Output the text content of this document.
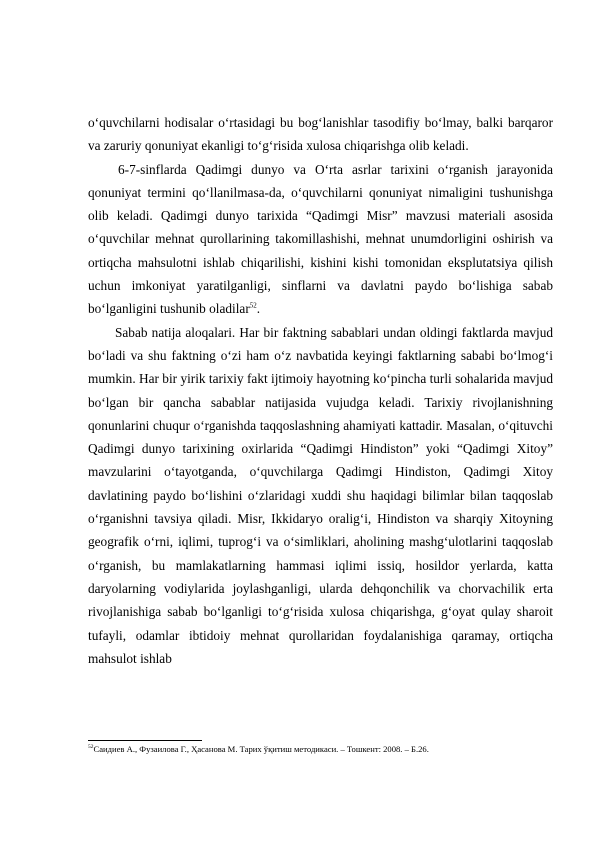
o‘quvchilarni hodisalar o‘rtasidagi bu bog‘lanishlar tasodifiy bo‘lmay, balki barqaror va zaruriy qonuniyat ekanligi to‘g‘risida xulosa chiqarishga olib keladi.

6-7-sinflarda Qadimgi dunyo va O‘rta asrlar tarixini o‘rganish jarayonida qonuniyat termini qo‘llanilmasa-da, o‘quvchilarni qonuniyat nimaligini tushunishga olib keladi. Qadimgi dunyo tarixida “Qadimgi Misr” mavzusi materiali asosida o‘quvchilar mehnat qurollarining takomillashishi, mehnat unumdorligini oshirish va ortiqcha mahsulotni ishlab chiqarilishi, kishini kishi tomonidan eksplutatsiya qilish uchun imkoniyat yaratilganligi, sinflarni va davlatni paydo bo‘lishiga sabab bo‘lganligini tushunib oladilar$^{52}$.

Sabab natija aloqalari. Har bir faktning sabablari undan oldingi faktlarda mavjud bo‘ladi va shu faktning o‘zi ham o‘z navbatida keyingi faktlarning sababi bo‘lmog‘i mumkin. Har bir yirik tarixiy fakt ijtimoiy hayotning ko‘pincha turli sohalarida mavjud bo‘lgan bir qancha sabablar natijasida vujudga keladi. Tarixiy rivojlanishning qonunlarini chuqur o‘rganishda taqqoslashning ahamiyati kattadir. Masalan, o‘qituvchi Qadimgi dunyo tarixining oxirlarida “Qadimgi Hindiston” yoki “Qadimgi Xitoy” mavzularini o‘tayotganda, o‘quvchilarga Qadimgi Hindiston, Qadimgi Xitoy davlatining paydo bo‘lishini o‘zlaridagi xuddi shu haqidagi bilimlar bilan taqqoslab o‘rganishni tavsiya qiladi. Misr, Ikkidaryo oralig‘i, Hindiston va sharqiy Xitoyning geografik o‘rni, iqlimi, tuprog‘i va o‘simliklari, aholining mashg‘ulotlarini taqqoslab o‘rganish, bu mamlakatlarning hammasi iqlimi issiq, hosildor yerlarda, katta daryolarning vodiylarida joylashganligi, ularda dehqonchilik va chorvachilik erta rivojlanishiga sabab bo‘lganligi to‘g‘risida xulosa chiqarishga, g‘oyat qulay sharoit tufayli, odamlar ibtidoiy mehnat qurollaridan foydalanishiga qaramay, ortiqcha mahsulot ishlab

$^{52}$Саидиев А., Фузаилова Г., Ҳасанова М. Тарих ўқитиш методикаси. – Тошкент: 2008. – Б.26.
